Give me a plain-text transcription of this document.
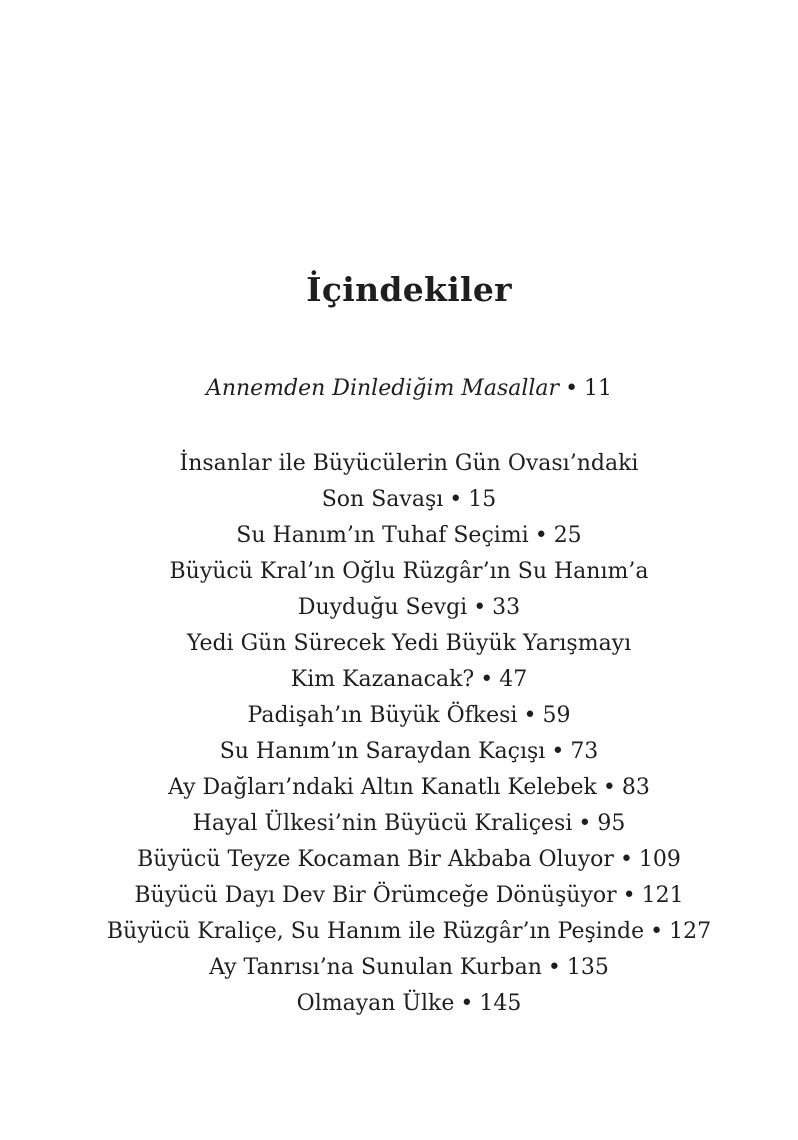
İçindekiler
Annemden Dinlediğim Masallar • 11
İnsanlar ile Büyücülerin Gün Ovası’ndaki
Son Savaşı • 15
Su Hanım’ın Tuhaf Seçimi • 25
Büyücü Kral’ın Oğlu Rüzgâr’ın Su Hanım’a
Duyduğu Sevgi • 33
Yedi Gün Sürecek Yedi Büyük Yarışmayı
Kim Kazanacak? • 47
Padişah’ın Büyük Öfkesi • 59
Su Hanım’ın Saraydan Kaçışı • 73
Ay Dağları’ndaki Altın Kanatlı Kelebek • 83
Hayal Ülkesi’nin Büyücü Kraliçesi • 95
Büyücü Teyze Kocaman Bir Akbaba Oluyor • 109
Büyücü Dayı Dev Bir Örümceğe Dönüşüyor • 121
Büyücü Kraliçe, Su Hanım ile Rüzgâr’ın Peşinde • 127
Ay Tanrısı’na Sunulan Kurban • 135
Olmayan Ülke • 145
